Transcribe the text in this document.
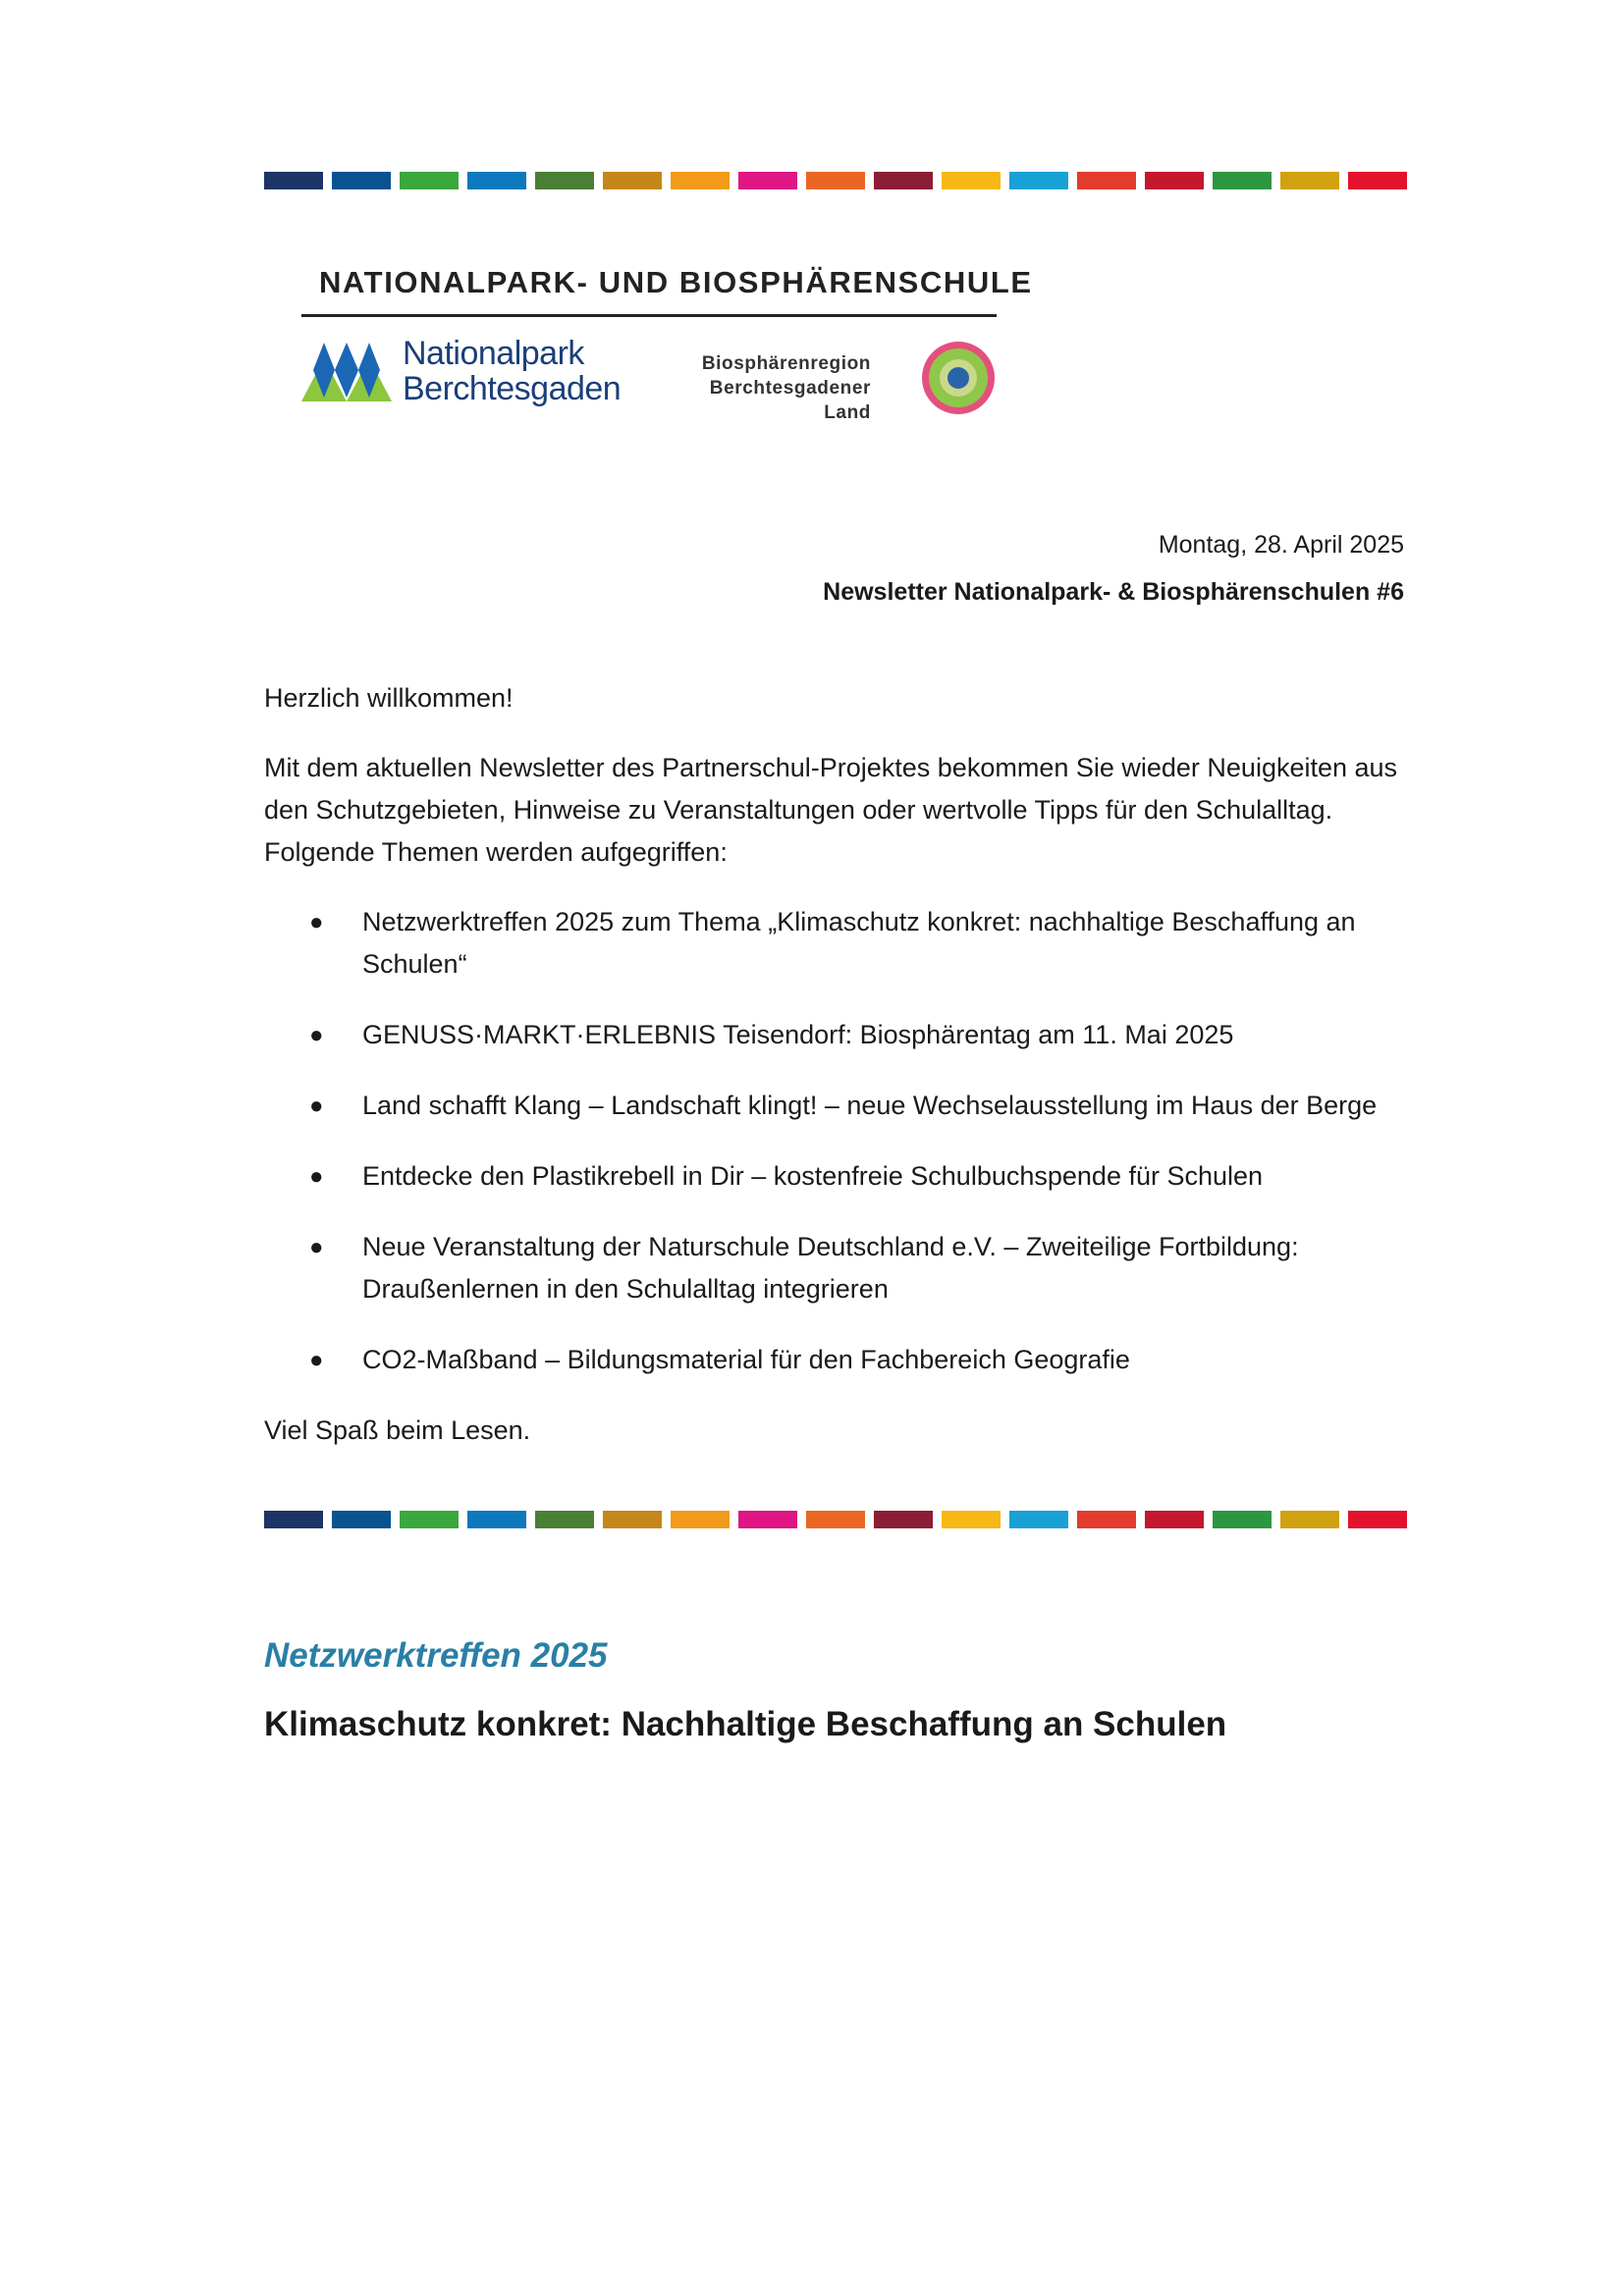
NATIONALPARK- UND BIOSPHÄRENSCHULE
Nationalpark
Berchtesgaden
Biosphärenregion
Berchtesgadener Land
Montag, 28. April 2025
Newsletter Nationalpark- & Biosphärenschulen #6

Herzlich willkommen!

Mit dem aktuellen Newsletter des Partnerschul-Projektes bekommen Sie wieder Neuigkeiten aus den Schutzgebieten, Hinweise zu Veranstaltungen oder wertvolle Tipps für den Schulalltag. Folgende Themen werden aufgegriffen:

● Netzwerktreffen 2025 zum Thema „Klimaschutz konkret: nachhaltige Beschaffung an Schulen“
● GENUSS·MARKT·ERLEBNIS Teisendorf: Biosphärentag am 11. Mai 2025
● Land schafft Klang – Landschaft klingt! – neue Wechselausstellung im Haus der Berge
● Entdecke den Plastikrebell in Dir – kostenfreie Schulbuchspende für Schulen
● Neue Veranstaltung der Naturschule Deutschland e.V. – Zweiteilige Fortbildung: Draußenlernen in den Schulalltag integrieren
● CO2-Maßband – Bildungsmaterial für den Fachbereich Geografie

Viel Spaß beim Lesen.

Netzwerktreffen 2025
Klimaschutz konkret: Nachhaltige Beschaffung an Schulen
